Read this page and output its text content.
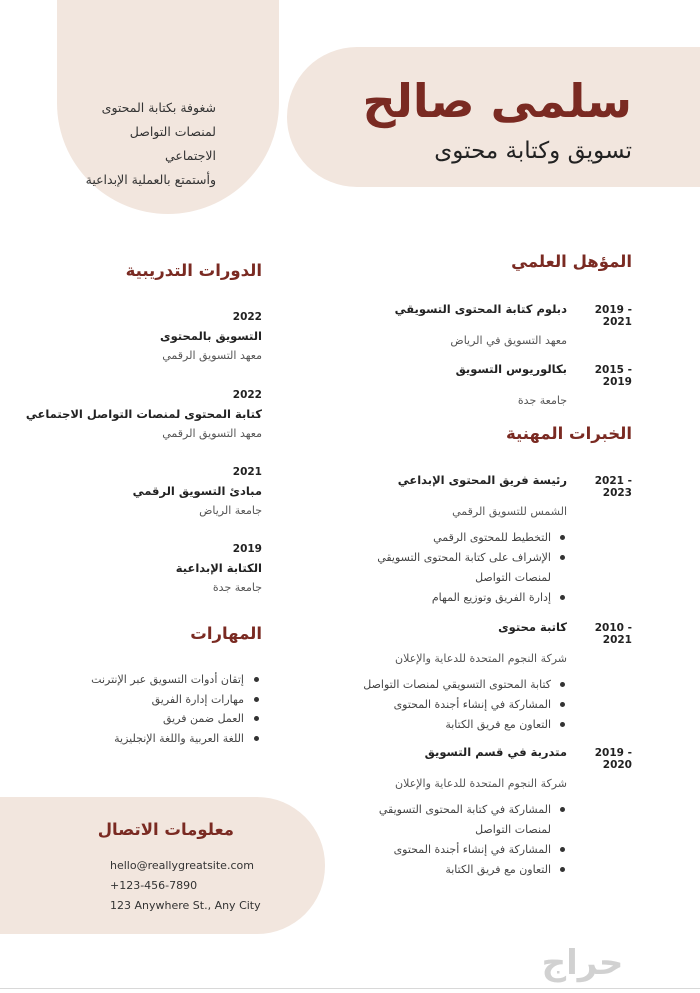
سلمى صالح
تسويق وكتابة محتوى
شغوفة بكتابة المحتوى
لمنصات التواصل
الاجتماعي
وأستمتع بالعملية الإبداعية
المؤهل العلمي
2019 - 2021
دبلوم كتابة المحتوى التسويقي
معهد التسويق في الرياض
2015 - 2019
بكالوريوس التسويق
جامعة جدة
الخبرات المهنية
2021 - 2023
رئيسة فريق المحتوى الإبداعي
الشمس للتسويق الرقمي
التخطيط للمحتوى الرقمي
الإشراف على كتابة المحتوى التسويقي لمنصات التواصل
إدارة الفريق وتوزيع المهام
2010 - 2021
كاتبة محتوى
شركة النجوم المتحدة للدعاية والإعلان
كتابة المحتوى التسويقي لمنصات التواصل
المشاركة في إنشاء أجندة المحتوى
التعاون مع فريق الكتابة
2019 - 2020
متدربة في قسم التسويق
شركة النجوم المتحدة للدعاية والإعلان
المشاركة في كتابة المحتوى التسويقي لمنصات التواصل
المشاركة في إنشاء أجندة المحتوى
التعاون مع فريق الكتابة
الدورات التدريبية
2022
التسويق بالمحتوى
معهد التسويق الرقمي
2022
كتابة المحتوى لمنصات التواصل الاجتماعي
معهد التسويق الرقمي
2021
مبادئ التسويق الرقمي
جامعة الرياض
2019
الكتابة الإبداعية
جامعة جدة
المهارات
إتقان أدوات التسويق عبر الإنترنت
مهارات إدارة الفريق
العمل ضمن فريق
اللغة العربية واللغة الإنجليزية
معلومات الاتصال
hello@reallygreatsite.com
+123-456-7890
123 Anywhere St., Any City
حراج
